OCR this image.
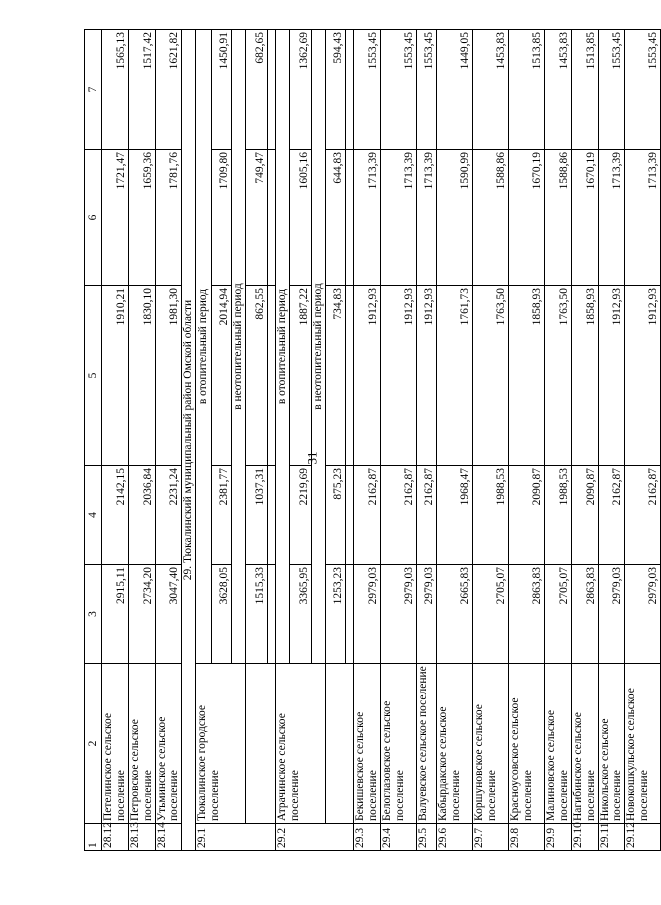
31
1	2	3	4	5	6	7
28.12	Петелинское сельское поселение	2915,11	2142,15	1910,21	1721,47	1565,13
28.13	Петровское сельское поселение	2734,20	2036,84	1830,10	1659,36	1517,42
28.14	Утьминское сельское поселение	3047,40	2231,24	1981,30	1781,76	1621,82
29. Тюкалинский муниципальный район Омской области						
29.1	Тюкалинское городское поселение	в отопительный период				
		3628,05	2381,77	2014,94	1709,80	1450,91
		в неотопительный период				
		1515,33	1037,31	862,55	749,47	682,65

29.2	Атрачинское сельское поселение	в отопительный период				
		3365,95	2219,69	1887,22	1605,16	1362,69
		в неотопительный период				
		1253,23	875,23	734,83	644,83	594,43

29.3	Бекишевское сельское поселение	2979,03	2162,87	1912,93	1713,39	1553,45
29.4	Белоглазовское сельское поселение	2979,03	2162,87	1912,93	1713,39	1553,45
29.5	Валуевское сельское поселение	2979,03	2162,87	1912,93	1713,39	1553,45
29.6	Кабырдакское сельское поселение	2665,83	1968,47	1761,73	1590,99	1449,05
29.7	Коршуновское сельское поселение	2705,07	1988,53	1763,50	1588,86	1453,83
29.8	Красноусовское сельское поселение	2863,83	2090,87	1858,93	1670,19	1513,85
29.9	Малиновское сельское поселение	2705,07	1988,53	1763,50	1588,86	1453,83
29.10	Нагибинское сельское поселение	2863,83	2090,87	1858,93	1670,19	1513,85
29.11	Никольское сельское поселение	2979,03	2162,87	1912,93	1713,39	1553,45
29.12	Новокошкульское сельское поселение	2979,03	2162,87	1912,93	1713,39	1553,45
